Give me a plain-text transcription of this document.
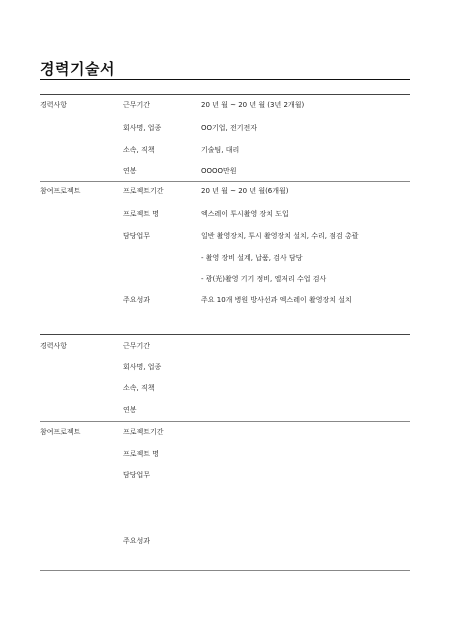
경력기술서
경력사항	근무기간	20 년 월 ~ 20 년 월 (3년 2개월)
회사명, 업종	OO기업, 전기전자
소속, 직책	기술팀, 대리
연봉	OOOO만원
참여프로젝트	프로젝트기간	20 년 월 ~ 20 년 월(6개월)
프로젝트 명	엑스레이 투시촬영 장치 도입
담당업무	일반 촬영장치, 투시 촬영장치 설치, 수리, 점검 총괄
- 촬영 장비 설계, 납품, 검사 담당
- 광(光)촬영 기기 정비, 엘저리 수업 검사
주요성과	주요 10개 병원 방사선과 엑스레이 촬영장치 설치
경력사항	근무기간
회사명, 업종
소속, 직책
연봉
참여프로젝트	프로젝트기간
프로젝트 명
담당업무
주요성과
